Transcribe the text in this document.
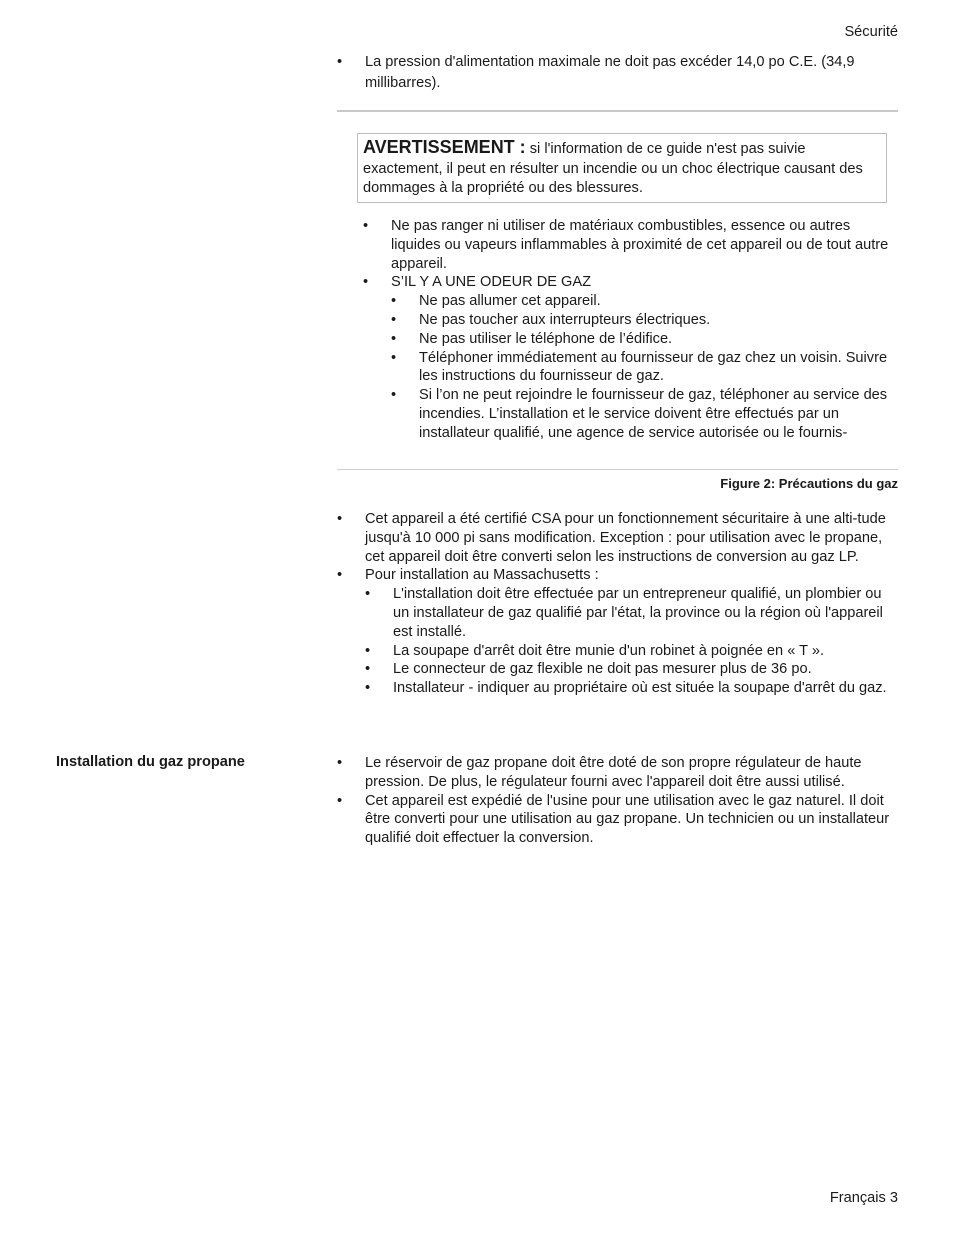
Sécurité
• La pression d'alimentation maximale ne doit pas excéder 14,0 po C.E. (34,9 millibarres).
AVERTISSEMENT : si l'information de ce guide n'est pas suivie exactement, il peut en résulter un incendie ou un choc électrique causant des dommages à la propriété ou des blessures.
• Ne pas ranger ni utiliser de matériaux combustibles, essence ou autres liquides ou vapeurs inflammables à proximité de cet appareil ou de tout autre appareil.
• S’IL Y A UNE ODEUR DE GAZ
• Ne pas allumer cet appareil.
• Ne pas toucher aux interrupteurs électriques.
• Ne pas utiliser le téléphone de l’édifice.
• Téléphoner immédiatement au fournisseur de gaz chez un voisin. Suivre les instructions du fournisseur de gaz.
• Si l’on ne peut rejoindre le fournisseur de gaz, téléphoner au service des incendies. L’installation et le service doivent être effectués par un installateur qualifié, une agence de service autorisée ou le fournis-
Figure 2: Précautions du gaz
• Cet appareil a été certifié CSA pour un fonctionnement sécuritaire à une alti-tude jusqu'à 10 000 pi sans modification. Exception : pour utilisation avec le propane, cet appareil doit être converti selon les instructions de conversion au gaz LP.
• Pour installation au Massachusetts :
• L'installation doit être effectuée par un entrepreneur qualifié, un plombier ou un installateur de gaz qualifié par l'état, la province ou la région où l'appareil est installé.
• La soupape d'arrêt doit être munie d'un robinet à poignée en « T ».
• Le connecteur de gaz flexible ne doit pas mesurer plus de 36 po.
• Installateur - indiquer au propriétaire où est située la soupape d'arrêt du gaz.
Installation du gaz propane	• Le réservoir de gaz propane doit être doté de son propre régulateur de haute pression. De plus, le régulateur fourni avec l'appareil doit être aussi utilisé.
• Cet appareil est expédié de l'usine pour une utilisation avec le gaz naturel. Il doit être converti pour une utilisation au gaz propane. Un technicien ou un installateur qualifié doit effectuer la conversion.
Français 3
